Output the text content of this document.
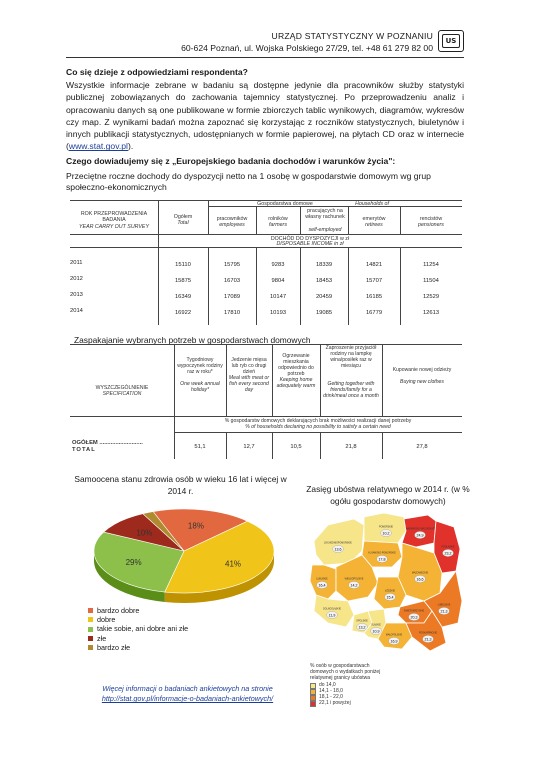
URZĄD STATYSTYCZNY W POZNANIU
60-624 Poznań, ul. Wojska Polskiego 27/29, tel. +48 61 279 82 00
US
Co się dzieje z odpowiedziami respondenta?
Wszystkie informacje zebrane w badaniu są dostępne jedynie dla pracowników służby statystyki publicznej zobowiązanych do zachowania tajemnicy statystycznej. Po przeprowadzeniu analiz i opracowaniu danych są one publikowane w formie zbiorczych tablic wynikowych, diagramów, wykresów czy map. Z wynikami badań można zapoznać się korzystając z roczników statystycznych, biuletynów i innych publikacji statystycznych, udostępnianych w formie papierowej, na płytach CD oraz w internecie (www.stat.gov.pl).
Czego dowiadujemy się z „Europejskiego badania dochodów i warunków życia":
Przeciętne roczne dochody do dyspozycji netto na 1 osobę w gospodarstwie domowym wg grup społeczno-ekonomicznych
ROK PRZEPROWADZENIA BADANIA
YEAR CARRY OUT SURVEY
Ogółem
Total
Gospodarstwa domowe	Households of
pracowników
employees
rolników
farmers
pracujących na własny rachunek
self-employed
emerytów
retirees
rencistów
pensioners
DOCHÓD DO DYSPOZYCJI w zł
DISPOSABLE INCOME in zł
2011	15110	15795	9283	18339	14821	11254
2012	15875	16703	9804	18453	15707	11504
2013	16349	17089	10147	20459	16185	12529
2014	16922	17810	10193	19085	16779	12613
Zaspakajanie wybranych potrzeb w gospodarstwach domowych
WYSZCZEGÓLNIENIE
SPECIFICATION
Tygodniowy wypoczynek rodziny raz w roku*
One week annual holiday*
Jedzenie mięsa lub ryb co drugi dzień
Meal with meat or fish every second day
Ogrzewanie mieszkania odpowiednio do potrzeb
Keeping home adequately warm
Zaproszenie przyjaciół rodziny na lampkę wina/posiłek raz w miesiącu
Getting together with friends/family for a drink/meal once a month
Kupowanie nowej odzieży
Buying new clothes
% gospodarstw domowych deklarujących brak możliwości realizacji danej potrzeby
% of households declaring no possibility to satisfy a certain need
OGÓŁEM ...........................
TOTAL	51,1	12,7	10,5	21,8	27,8
Samoocena stanu zdrowia osób w wieku 16 lat i więcej w 2014 r.
18%
41%
29%
10%
bardzo dobre
dobre
takie sobie, ani dobre ani złe
złe
bardzo złe
Więcej informacji o badaniach ankietowych na stronie
http://stat.gov.pl/informacje-o-badaniach-ankietowych/
Zasięg ubóstwa relatywnego w 2014 r. (w % ogółu gospodarstw domowych)
13,6
ZACHODNIOPOMORSKIE
10,2
POMORSKIE
24,9
WARMIŃSKO-MAZURSKIE
23,2
PODLASKIE
17,8
KUJAWSKO-POMORSKIE
16,4
LUBUSKIE
14,2
WIELKOPOLSKIE	16,6
MAZOWIECKIE
15,4
ŁÓDZKIE
21,3
LUBELSKIE
11,9
DOLNOŚLĄSKIE
13,2
OPOLSKIE
10,9
ŚLĄSKIE
20,3
ŚWIĘTOKRZYSKIE
16,9
MAŁOPOLSKIE
21,3
PODKARPACKIE
% osób w gospodarstwach domowych o wydatkach poniżej relatywnej granicy ubóstwa
do 14,0
14,1 - 18,0
18,1 - 22,0
22,1 i powyżej
